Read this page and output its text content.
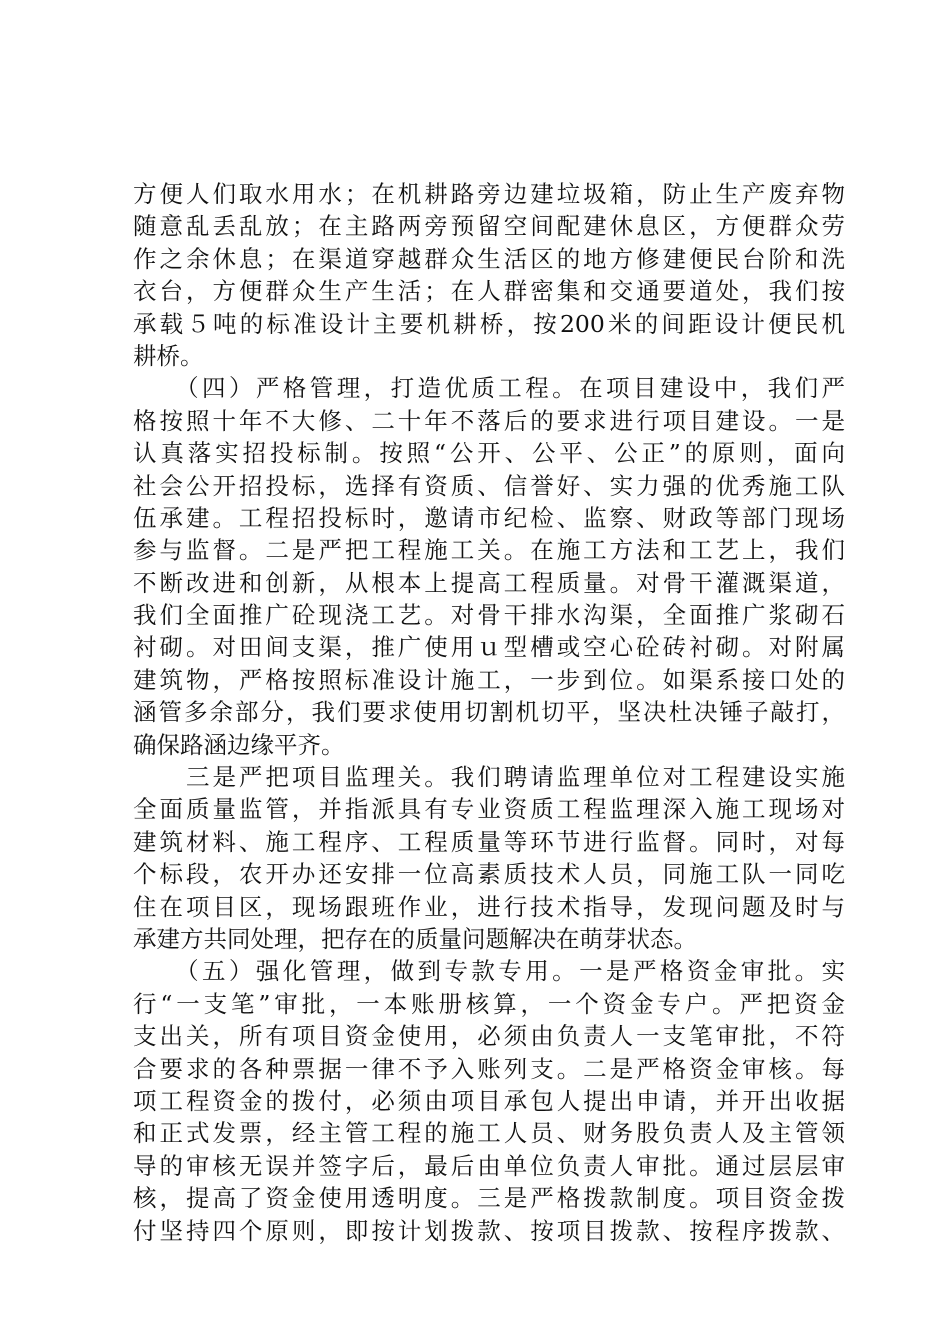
方便人们取水用水；在机耕路旁边建垃圾箱，防止生产废弃物
随意乱丢乱放；在主路两旁预留空间配建休息区，方便群众劳
作之余休息；在渠道穿越群众生活区的地方修建便民台阶和洗
衣台，方便群众生产生活；在人群密集和交通要道处，我们按
承载５吨的标准设计主要机耕桥，按200米的间距设计便民机
耕桥。
　　（四）严格管理，打造优质工程。在项目建设中，我们严
格按照十年不大修、二十年不落后的要求进行项目建设。一是
认真落实招投标制。按照“公开、公平、公正”的原则，面向
社会公开招投标，选择有资质、信誉好、实力强的优秀施工队
伍承建。工程招投标时，邀请市纪检、监察、财政等部门现场
参与监督。二是严把工程施工关。在施工方法和工艺上，我们
不断改进和创新，从根本上提高工程质量。对骨干灌溉渠道，
我们全面推广砼现浇工艺。对骨干排水沟渠，全面推广浆砌石
衬砌。对田间支渠，推广使用ｕ型槽或空心砼砖衬砌。对附属
建筑物，严格按照标准设计施工，一步到位。如渠系接口处的
涵管多余部分，我们要求使用切割机切平，坚决杜决锤子敲打，
确保路涵边缘平齐。
　　三是严把项目监理关。我们聘请监理单位对工程建设实施
全面质量监管，并指派具有专业资质工程监理深入施工现场对
建筑材料、施工程序、工程质量等环节进行监督。同时，对每
个标段，农开办还安排一位高素质技术人员，同施工队一同吃
住在项目区，现场跟班作业，进行技术指导，发现问题及时与
承建方共同处理，把存在的质量问题解决在萌芽状态。
　　（五）强化管理，做到专款专用。一是严格资金审批。实
行“一支笔”审批，一本账册核算，一个资金专户。严把资金
支出关，所有项目资金使用，必须由负责人一支笔审批，不符
合要求的各种票据一律不予入账列支。二是严格资金审核。每
项工程资金的拨付，必须由项目承包人提出申请，并开出收据
和正式发票，经主管工程的施工人员、财务股负责人及主管领
导的审核无误并签字后，最后由单位负责人审批。通过层层审
核，提高了资金使用透明度。三是严格拨款制度。项目资金拨
付坚持四个原则，即按计划拨款、按项目拨款、按程序拨款、
